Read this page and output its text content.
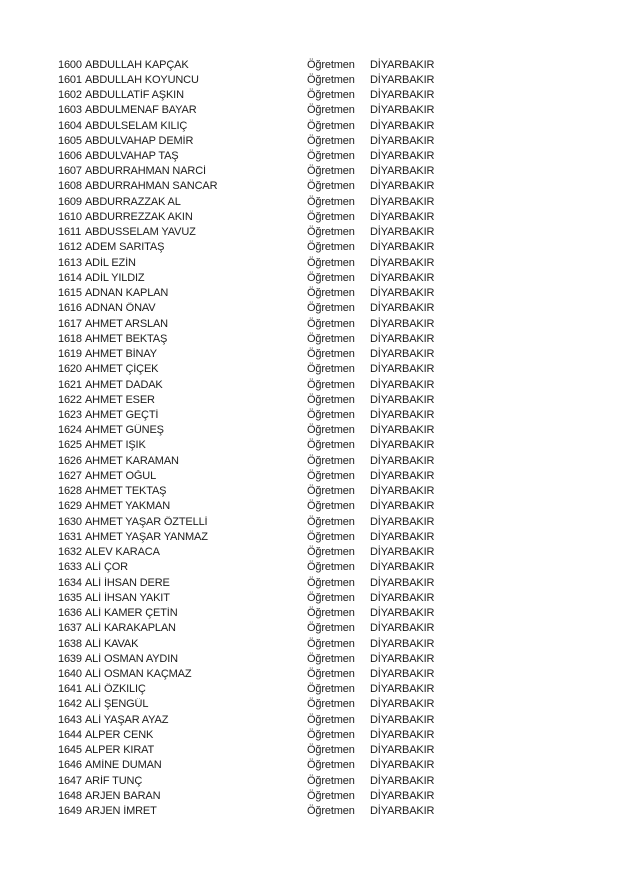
1600 ABDULLAH KAPÇAK	Öğretmen	DİYARBAKIR
1601 ABDULLAH KOYUNCU	Öğretmen	DİYARBAKIR
1602 ABDULLATİF AŞKIN	Öğretmen	DİYARBAKIR
1603 ABDULMENAF BAYAR	Öğretmen	DİYARBAKIR
1604 ABDULSELAM KILIÇ	Öğretmen	DİYARBAKIR
1605 ABDULVAHAP DEMİR	Öğretmen	DİYARBAKIR
1606 ABDULVAHAP TAŞ	Öğretmen	DİYARBAKIR
1607 ABDURRAHMAN NARCİ	Öğretmen	DİYARBAKIR
1608 ABDURRAHMAN SANCAR	Öğretmen	DİYARBAKIR
1609 ABDURRAZZAK AL	Öğretmen	DİYARBAKIR
1610 ABDURREZZAK AKIN	Öğretmen	DİYARBAKIR
1611 ABDUSSELAM YAVUZ	Öğretmen	DİYARBAKIR
1612 ADEM SARITAŞ	Öğretmen	DİYARBAKIR
1613 ADİL EZİN	Öğretmen	DİYARBAKIR
1614 ADİL YILDIZ	Öğretmen	DİYARBAKIR
1615 ADNAN KAPLAN	Öğretmen	DİYARBAKIR
1616 ADNAN ÖNAV	Öğretmen	DİYARBAKIR
1617 AHMET ARSLAN	Öğretmen	DİYARBAKIR
1618 AHMET BEKTAŞ	Öğretmen	DİYARBAKIR
1619 AHMET BİNAY	Öğretmen	DİYARBAKIR
1620 AHMET ÇİÇEK	Öğretmen	DİYARBAKIR
1621 AHMET DADAK	Öğretmen	DİYARBAKIR
1622 AHMET ESER	Öğretmen	DİYARBAKIR
1623 AHMET GEÇTİ	Öğretmen	DİYARBAKIR
1624 AHMET GÜNEŞ	Öğretmen	DİYARBAKIR
1625 AHMET IŞIK	Öğretmen	DİYARBAKIR
1626 AHMET KARAMAN	Öğretmen	DİYARBAKIR
1627 AHMET OĞUL	Öğretmen	DİYARBAKIR
1628 AHMET TEKTAŞ	Öğretmen	DİYARBAKIR
1629 AHMET YAKMAN	Öğretmen	DİYARBAKIR
1630 AHMET YAŞAR ÖZTELLİ	Öğretmen	DİYARBAKIR
1631 AHMET YAŞAR YANMAZ	Öğretmen	DİYARBAKIR
1632 ALEV KARACA	Öğretmen	DİYARBAKIR
1633 ALİ ÇOR	Öğretmen	DİYARBAKIR
1634 ALİ İHSAN DERE	Öğretmen	DİYARBAKIR
1635 ALİ İHSAN YAKIT	Öğretmen	DİYARBAKIR
1636 ALİ KAMER ÇETİN	Öğretmen	DİYARBAKIR
1637 ALİ KARAKAPLAN	Öğretmen	DİYARBAKIR
1638 ALİ KAVAK	Öğretmen	DİYARBAKIR
1639 ALİ OSMAN AYDIN	Öğretmen	DİYARBAKIR
1640 ALİ OSMAN KAÇMAZ	Öğretmen	DİYARBAKIR
1641 ALİ ÖZKILIÇ	Öğretmen	DİYARBAKIR
1642 ALİ ŞENGÜL	Öğretmen	DİYARBAKIR
1643 ALİ YAŞAR AYAZ	Öğretmen	DİYARBAKIR
1644 ALPER CENK	Öğretmen	DİYARBAKIR
1645 ALPER KIRAT	Öğretmen	DİYARBAKIR
1646 AMİNE DUMAN	Öğretmen	DİYARBAKIR
1647 ARİF TUNÇ	Öğretmen	DİYARBAKIR
1648 ARJEN BARAN	Öğretmen	DİYARBAKIR
1649 ARJEN İMRET	Öğretmen	DİYARBAKIR
